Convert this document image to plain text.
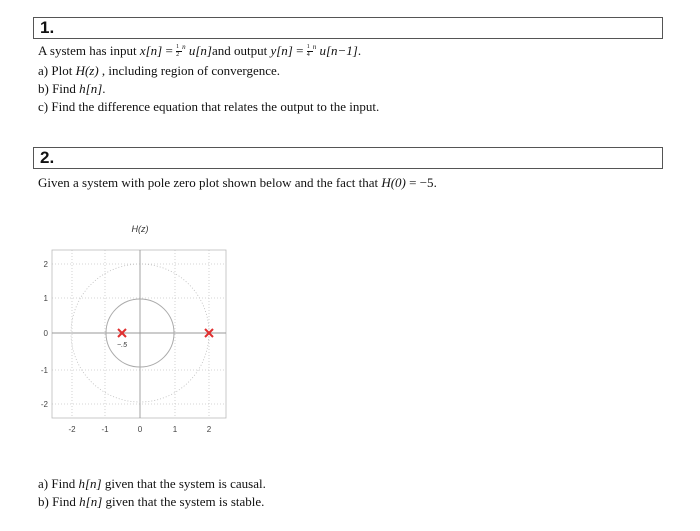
1.
A system has input $x[n] = \frac{1}{2}$
$^n$ u[n]and output $y[n] = \frac{1}{4}$
$^n$ u[n−1].
a) Plot H(z) , including region of convergence.
b) Find h[n].
c) Find the difference equation that relates the output to the input.
2.
Given a system with pole zero plot shown below and the fact that H(0) = −5.
H(z)
-2	-1	0	1	2
2
1
0
-1
-2
−.5
a) Find h[n] given that the system is causal.
b) Find h[n] given that the system is stable.
